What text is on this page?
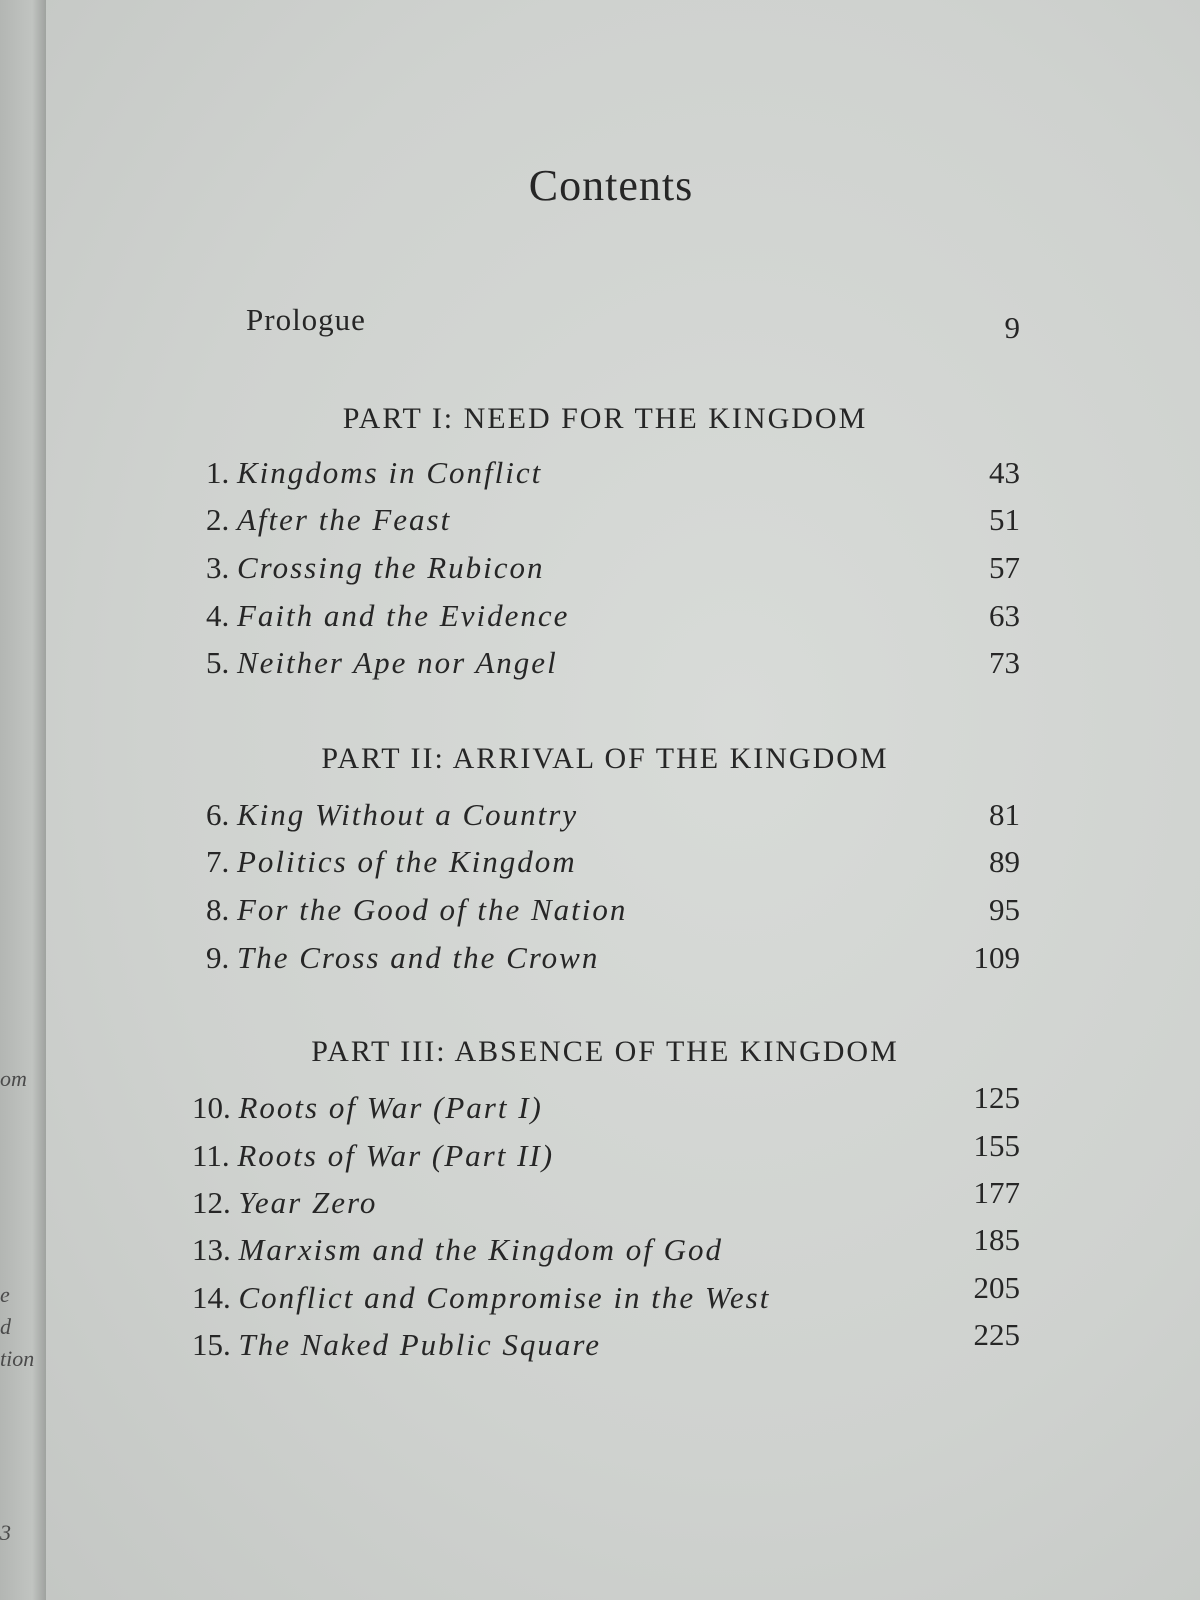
om
e
d
tion
3
Contents
Prologue	9
PART I: NEED FOR THE KINGDOM
1. Kingdoms in Conflict	43
2. After the Feast	51
3. Crossing the Rubicon	57
4. Faith and the Evidence	63
5. Neither Ape nor Angel	73
PART II: ARRIVAL OF THE KINGDOM
6. King Without a Country	81
7. Politics of the Kingdom	89
8. For the Good of the Nation	95
9. The Cross and the Crown	109
PART III: ABSENCE OF THE KINGDOM
10. Roots of War (Part I)	125
11. Roots of War (Part II)	155
12. Year Zero	177
13. Marxism and the Kingdom of God	185
14. Conflict and Compromise in the West	205
15. The Naked Public Square	225
